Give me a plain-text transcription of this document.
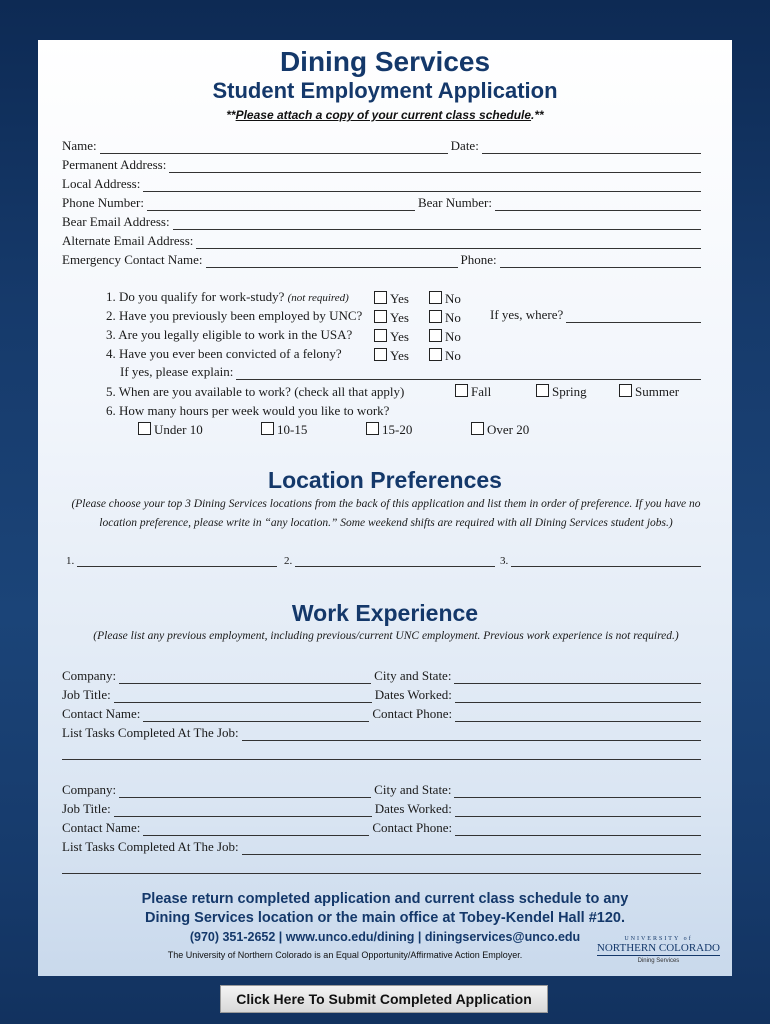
Dining Services
Student Employment Application
**Please attach a copy of your current class schedule.**
Name:	Date:
Permanent Address:
Local Address:
Phone Number:	Bear Number:
Bear Email Address:
Alternate Email Address:
Emergency Contact Name:	Phone:
1. Do you qualify for work-study? (not required)	Yes	No
2. Have you previously been employed by UNC?	Yes	No If yes, where?
3. Are you legally eligible to work in the USA?	Yes	No
4. Have you ever been convicted of a felony?	Yes	No
If yes, please explain:
5. When are you available to work? (check all that apply)	Fall	Spring	Summer
6. How many hours per week would you like to work?
Under 10	10-15	15-20	Over 20
Location Preferences
(Please choose your top 3 Dining Services locations from the back of this application and list them in order of preference. If you have no location preference, please write in “any location.” Some weekend shifts are required with all Dining Services student jobs.)
1.	2.	3.
Work Experience
(Please list any previous employment, including previous/current UNC employment. Previous work experience is not required.)
Company:	City and State:
Job Title:	Dates Worked:
Contact Name:	Contact Phone:
List Tasks Completed At The Job:
Company:	City and State:
Job Title:	Dates Worked:
Contact Name:	Contact Phone:
List Tasks Completed At The Job:
Please return completed application and current class schedule to any
Dining Services location or the main office at Tobey-Kendel Hall #120.
(970) 351-2652 | www.unco.edu/dining | diningservices@unco.edu
The University of Northern Colorado is an Equal Opportunity/Affirmative Action Employer.
UNIVERSITY of
NORTHERN COLORADO
Dining Services
Click Here To Submit Completed Application
